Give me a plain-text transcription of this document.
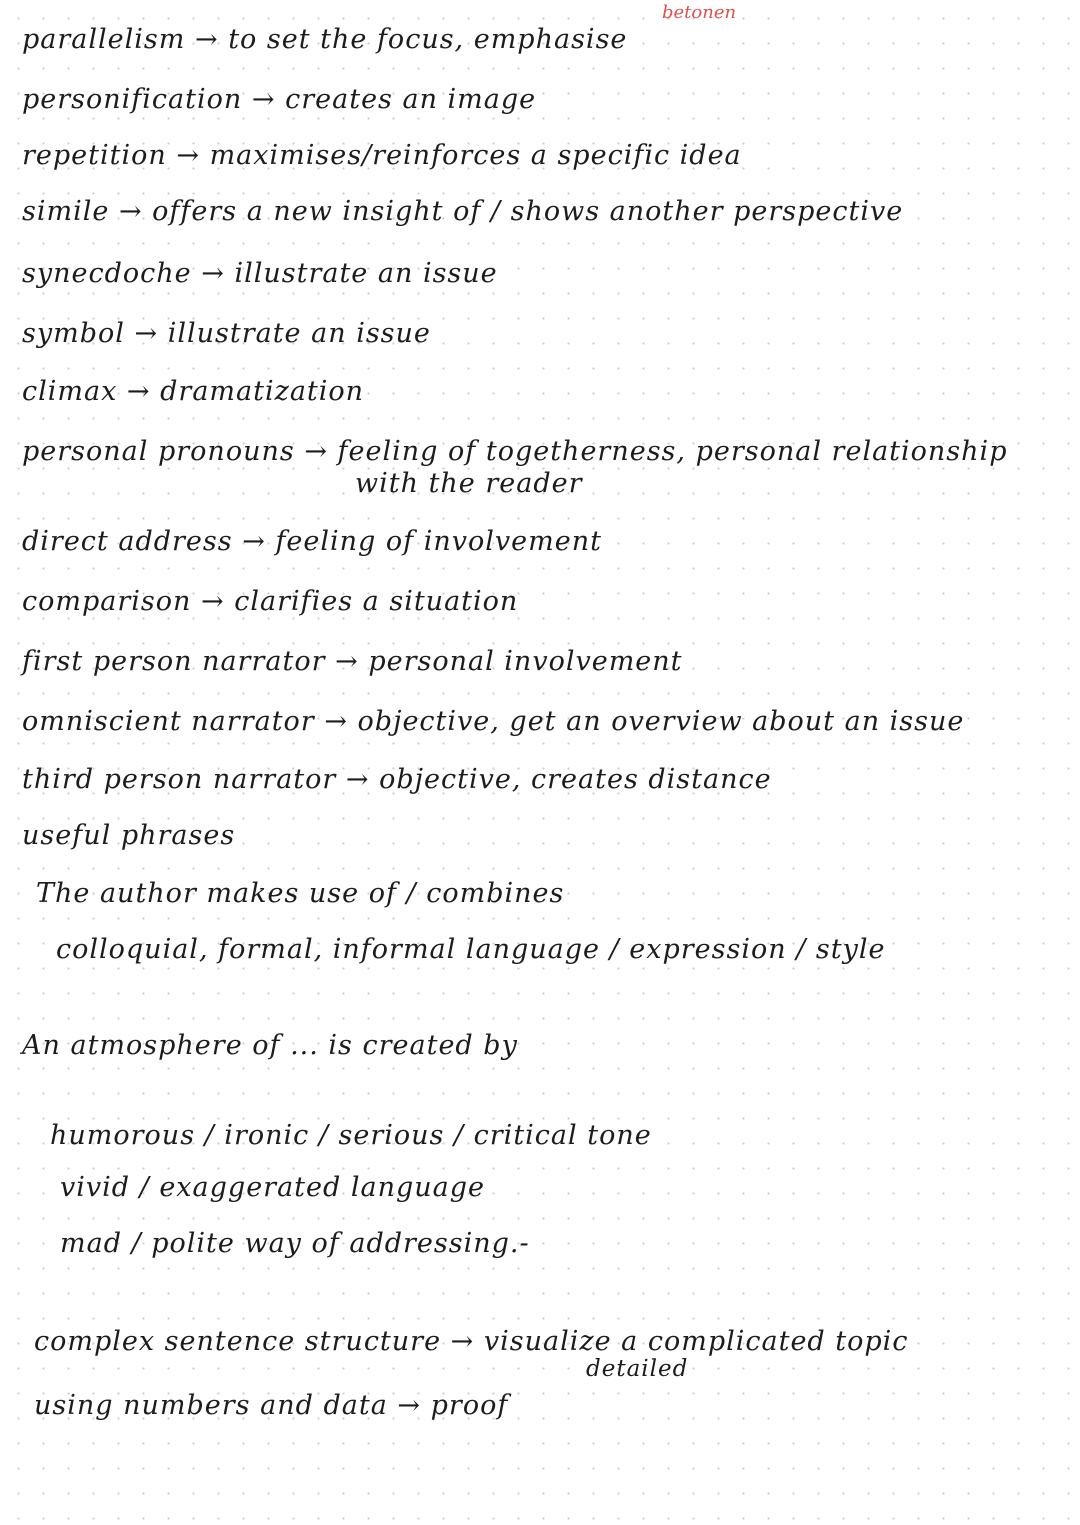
betonen
parallelism → to set the focus, emphasise
personification → creates an image
repetition → maximises/reinforces a specific idea
simile → offers a new insight of / shows another perspective
synecdoche → illustrate an issue
symbol → illustrate an issue
climax → dramatization
personal pronouns → feeling of togetherness, personal relationship
with the reader
direct address → feeling of involvement
comparison → clarifies a situation
first person narrator → personal involvement
omniscient narrator → objective, get an overview about an issue
third person narrator → objective, creates distance
useful phrases
The author makes use of / combines
colloquial, formal, informal language / expression / style
An atmosphere of ... is created by
humorous / ironic / serious / critical tone
vivid / exaggerated language
mad / polite way of addressing.-
complex sentence structure → visualize a complicated topic
detailed
using numbers and data → proof
